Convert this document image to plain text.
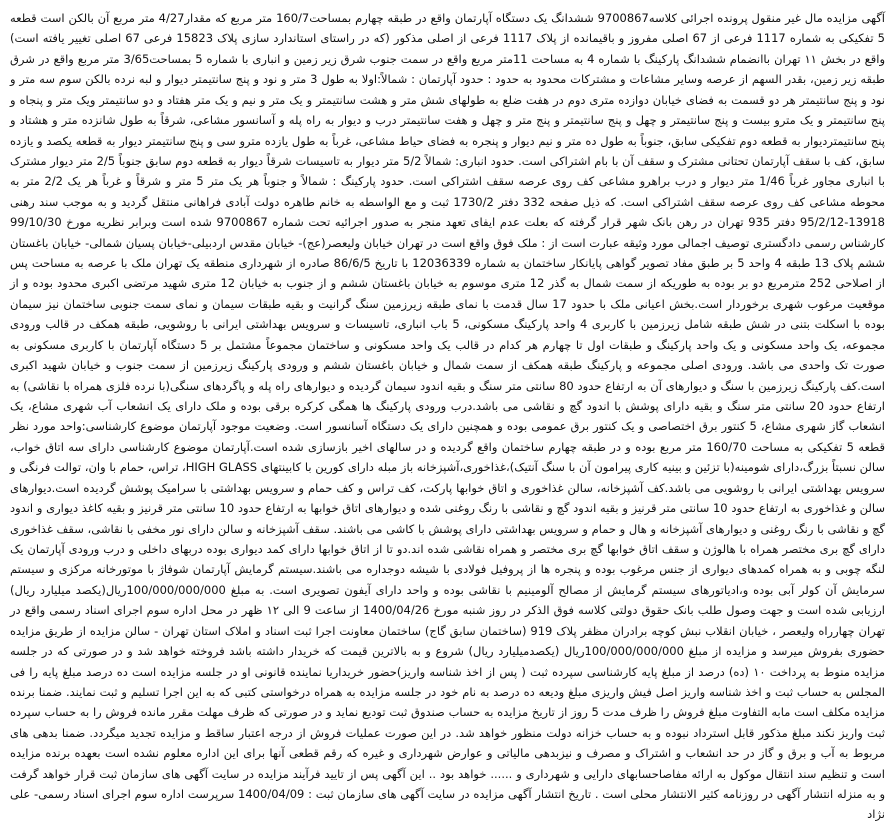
آگهی مزایده مال غیر منقول پرونده اجرائی کلاسه9700867 ششدانگ یک دستگاه آپارتمان واقع در طبقه چهارم بمساحت160/7 متر مربع که مقدار4/27 متر مربع آن بالکن است قطعه 5 تفکیکی به شماره 1117 فرعی از 67 اصلی مفروز و باقیمانده از پلاک 1117 فرعی از اصلی مذکور (که در راستای استاندارد سازی پلاک 15823 فرعی 67 اصلی تغییر یافته است) واقع در بخش ۱۱ تهران باانضمام ششدانگ پارکینگ با شماره 4 به مساحت 11متر مربع واقع در سمت جنوب شرق زیر زمین و انباری با شماره 5 بمساحت3/65 متر مربع واقع در شرق طبقه زیر زمین، بقدر السهم از عرصه وسایر مشاعات و مشترکات محدود به حدود : حدود آپارتمان : شمالاً:اولا به طول 3 متر و نود و پنج سانتیمتر دیوار و لبه نرده بالکن سوم سه متر و نود و پنج سانتیمتر هر دو قسمت به فضای خیابان دوازده متری دوم در هفت ضلع به طولهای شش متر و هشت سانتیمتر و یک متر و نیم و یک متر هفتاد و دو سانتیمتر ویک متر و پنجاه و پنج سانتیمتر و یک مترو بیست و پنج سانتیمتر و چهل و پنج سانتیمتر و پنج متر و چهل و هفت سانتیمتر درب و دیوار به راه پله و آسانسور مشاعی، شرقاً به طول شانزده متر و هشتاد و پنج سانتیمتردیوار به قطعه دوم تفکیکی سابق، جنوباً به طول ده متر و نیم دیوار و پنجره به فضای حیاط مشاعی، غرباً به طول یازده مترو سی و پنج سانتیمتر دیوار به قطعه یکصد و یازده سابق، کف با سقف آپارتمان تحتانی مشترک و سقف آن با بام اشتراکی است. حدود انباری: شمالاً 5/2 متر دیوار به تاسیسات شرقاً دیوار به قطعه دوم سابق جنوباً 2/5 متر دیوار مشترک با انباری مجاور غرباً 1/46 متر دیوار و درب براهرو مشاعی کف روی عرصه سقف اشتراکی است. حدود پارکینگ : شمالاً و جنوباً هر یک متر 5 متر و شرقاً و غرباً هر یک 2/2 متر به محوطه مشاعی کف روی عرصه سقف اشتراکی است. که ذیل صفحه 332 دفتر 1730/2 ثبت و مع الواسطه به خانم طاهره دولت آبادی فراهانی منتقل گردید و به موجب سند رهنی 13918-95/2/12 دفتر 935 تهران در رهن بانک شهر قرار گرفته که بعلت عدم ایفای تعهد منجر به صدور اجرائیه تحت شماره 9700867 شده است وبرابر نظریه مورخ 99/10/30 کارشناس رسمی دادگستری توصیف اجمالی مورد وثیقه عبارت است از : ملک فوق واقع است در تهران خیابان ولیعصر(عج)- خیابان مقدس اردبیلی-خیابان پسیان شمالی- خیابان باغستان ششم پلاک 13 طبقه 4 واحد 5 بر طبق مفاد تصویر گواهی پایانکار ساختمان به شماره 12036339 با تاریخ 86/6/5 صادره از شهرداری منطقه یک تهران ملک با عرصه به مساحت پس از اصلاحی 252 مترمربع دو بر بوده به طوریکه از سمت شمال به گذر 12 متری موسوم به خیابان باغستان ششم و از جنوب به خیابان 12 متری شهید مرتضی اکبری محدود بوده و از موقعیت مرغوب شهری برخوردار است.بخش اعیانی ملک با حدود 17 سال قدمت با نمای طبقه زیرزمین سنگ گرانیت و بقیه طبقات سیمان و نمای سمت جنوبی ساختمان نیز سیمان بوده با اسکلت بتنی در شش طبقه شامل زیرزمین با کاربری 4 واحد پارکینگ مسکونی، 5 باب انباری، تاسیسات و سرویس بهداشتی ایرانی با روشویی، طبقه همکف در قالب ورودی مجموعه، یک واحد مسکونی و یک واحد پارکینگ و طبقات اول تا چهارم هر کدام در قالب یک واحد مسکونی و ساختمان مجموعاً مشتمل بر 5 دستگاه آپارتمان با کاربری مسکونی به صورت تک واحدی می باشد. ورودی اصلی مجموعه و پارکینگ طبقه همکف از سمت شمال و خیابان باغستان ششم و ورودی پارکینگ زیرزمین از سمت جنوب و خیابان شهید اکبری است.کف پارکینگ زیرزمین با سنگ و دیوارهای آن به ارتفاع حدود 80 سانتی متر سنگ و بقیه اندود سیمان گردیده و دیوارهای راه پله و پاگردهای سنگی(با نرده فلزی همراه با نقاشی) به ارتفاع حدود 20 سانتی متر سنگ و بقیه دارای پوشش با اندود گچ و نقاشی می باشد.درب ورودی پارکینگ ها همگی کرکره برقی بوده و ملک دارای یک انشعاب آب شهری مشاع، یک انشعاب گاز شهری مشاع، 5 کنتور برق اختصاصی و یک کنتور برق عمومی بوده و همچنین دارای یک دستگاه آسانسور است. وضعیت موجود آپارتمان موضوع کارشناسی:واحد مورد نظر قطعه 5 تفکیکی به مساحت 160/70 متر مربع بوده و در طبقه چهارم ساختمان واقع گردیده و در سالهای اخیر بازسازی شده است.آپارتمان موضوع کارشناسی دارای سه اتاق خواب، سالن نسبتاً بزرگ،دارای شومینه(با تزئین و بینیه کاری پیرامون آن با سنگ آنتیک)،غذاخوری،آشپزخانه باز مبله دارای کورین با کابینتهای HIGH GLASS، تراس، حمام با وان، توالت فرنگی و سرویس بهداشتی ایرانی با روشویی می باشد.کف آشپزخانه، سالن غذاخوری و اتاق خوابها پارکت، کف تراس و کف حمام و سرویس بهداشتی با سرامیک پوشش گردیده است.دیوارهای سالن و غذاخوری به ارتفاع حدود 10 سانتی متر قرنیز و بقیه اندود گچ و نقاشی با رنگ روغنی شده و دیوارهای اتاق خوابها به ارتفاع حدود 10 سانتی متر قرنیز و بقیه کاغذ دیواری و اندود گچ و نقاشی با رنگ روغنی و دیوارهای آشپزخانه و هال و حمام و سرویس بهداشتی دارای پوشش با کاشی می باشند. سقف آشپزخانه و سالن دارای نور مخفی با نقاشی، سقف غذاخوری دارای گچ بری مختصر همراه با هالوژن و سقف اتاق خوابها گچ بری مختصر و همراه نقاشی شده اند.دو تا از اتاق خوابها دارای کمد دیواری بوده دربهای داخلی و درب ورودی آپارتمان یک لنگه چوبی و به همراه کمدهای دیواری از جنس مرغوب بوده و پنجره ها از پروفیل فولادی با شیشه دوجداره می باشند.سیستم گرمایش آپارتمان شوفاژ با موتورخانه مرکزی و سیستم سرمایش آن کولر آبی بوده و،ادیاتورهای سیستم گرمایش از مصالح آلومینیم با نقاشی بوده و واحد دارای آیفون تصویری است. به مبلغ 100/000/000/000ریال(یکصد میلیارد ریال) ارزیابی شده است و جهت وصول طلب بانک حقوق دولتی کلاسه فوق الذکر در روز شنبه مورخ 1400/04/26 از ساعت 9 الی ۱۲ ظهر در محل اداره سوم اجرای اسناد رسمی واقع در تهران چهارراه ولیعصر ، خیابان انقلاب نبش کوچه برادران مظفر پلاک 919 (ساختمان سابق گاج) ساختمان معاونت اجرا ثبت اسناد و املاک استان تهران - سالن مزایده از طریق مزایده حضوری بفروش میرسد و مزایده از مبلغ 100/000/000/000ریال (یکصدمیلیارد ریال) شروع و به بالاترین قیمت که خریدار داشته باشد فروخته خواهد شد و در صورتی که در جلسه مزایده منوط به پرداخت ۱۰ (ده) درصد از مبلغ پایه کارشناسی سپرده ثبت ( پس از اخذ شناسه واریز)حضور خریداریا نماینده قانونی او در جلسه مزایده است ده درصد مبلغ پایه را فی المجلس به حساب ثبت و اخذ شناسه واریز اصل فیش واریزی مبلغ ودیعه ده درصد به نام خود در جلسه مزایده به همراه درخواستی کتبی که به این اجرا تسلیم و ثبت نمایند. ضمنا برنده مزایده مکلف است مابه التفاوت مبلغ فروش را ظرف مدت 5 روز از تاریخ مزایده به حساب صندوق ثبت تودیع نماید و در صورتی که ظرف مهلت مقرر مانده فروش را به حساب سپرده ثبت واریز نکند مبلغ مذکور قابل استرداد نبوده و به حساب خزانه دولت منظور خواهد شد. در این صورت عملیات فروش از درجه اعتبار ساقط و مزایده تجدید میگردد. ضمنا بدهی های مربوط به آب و برق و گاز در حد انشعاب و اشتراک و مصرف و نیزبدهی مالیاتی و عوارض شهرداری و غیره که رقم قطعی آنها برای این اداره معلوم نشده است بعهده برنده مزایده است و تنظیم سند انتقال موکول به ارائه مفاصاحسابهای دارایی و شهرداری و ...... خواهد بود .. این آگهی پس از تایید فرآیند مزایده در سایت آگهی های سازمان ثبت قرار خواهد گرفت و به منزله انتشار آگهی در روزنامه کثیر الانتشار محلی است . تاریخ انتشار آگهی مزایده در سایت آگهی های سازمان ثبت : 1400/04/09 سرپرست اداره سوم اجرای اسناد رسمی- علی نژاد
